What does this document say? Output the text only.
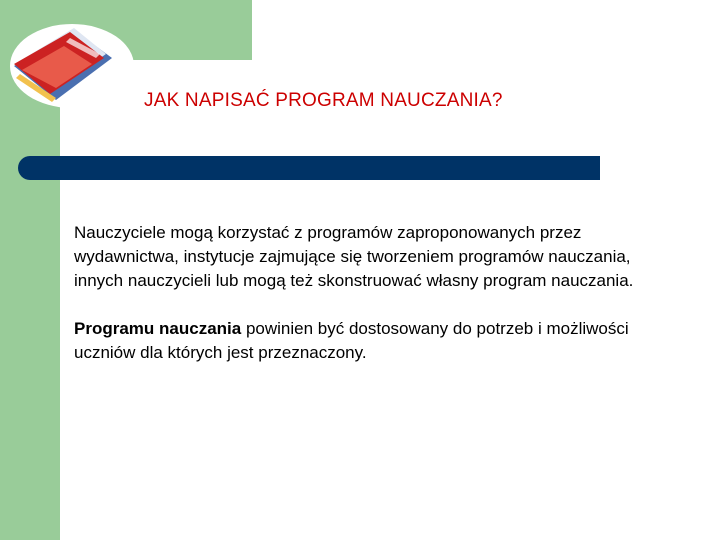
JAK NAPISAĆ PROGRAM NAUCZANIA?

Nauczyciele mogą korzystać z programów zaproponowanych przez wydawnictwa, instytucje zajmujące się tworzeniem programów nauczania, innych nauczycieli lub mogą też skonstruować własny program nauczania.

Programu nauczania powinien być dostosowany do potrzeb i możliwości uczniów dla których jest przeznaczony.
